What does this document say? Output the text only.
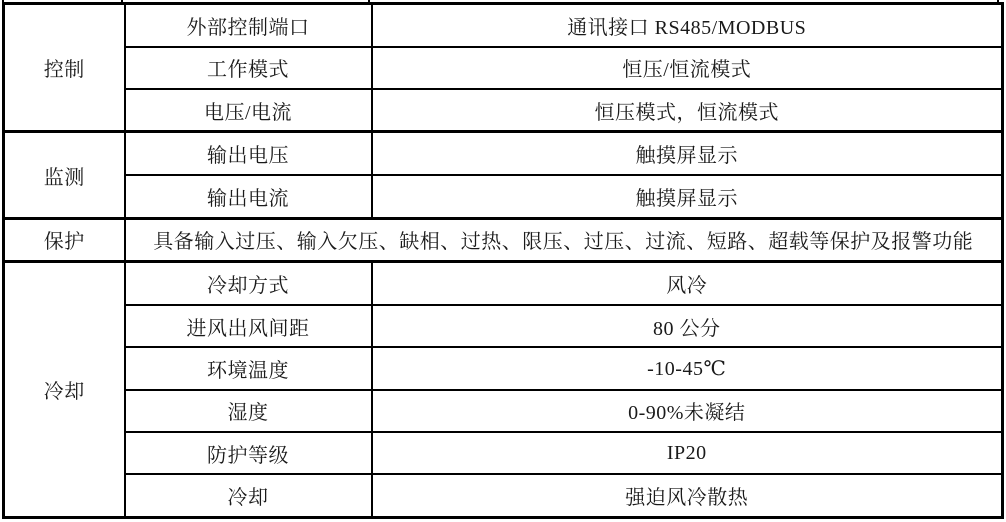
控制	外部控制端口	通讯接口 RS485/MODBUS
	工作模式	恒压/恒流模式
	电压/电流	恒压模式，恒流模式
监测	输出电压	触摸屏显示
	输出电流	触摸屏显示
保护	具备输入过压、输入欠压、缺相、过热、限压、过压、过流、短路、超载等保护及报警功能	
冷却	冷却方式	风冷
	进风出风间距	80 公分
	环境温度	-10-45℃
	湿度	0-90%未凝结
	防护等级	IP20
	冷却	强迫风冷散热
